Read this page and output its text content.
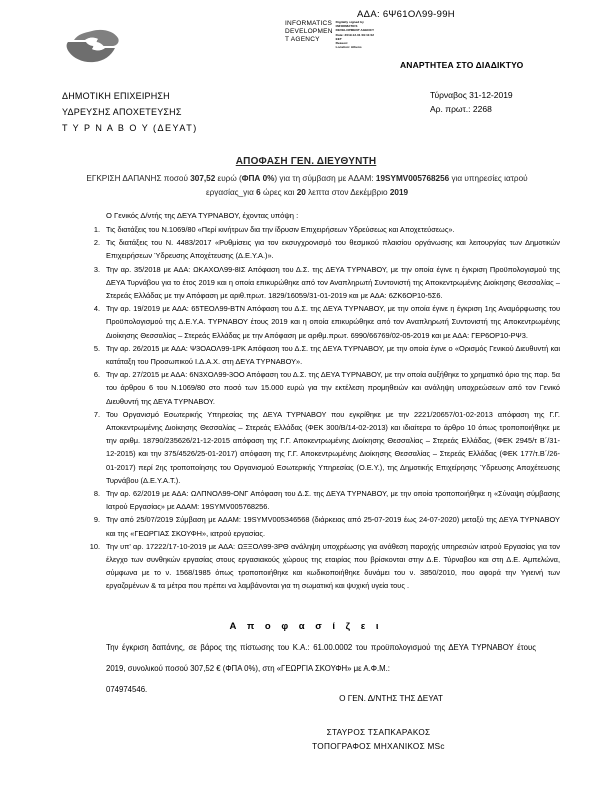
ΑΔΑ: 6Ψ61ΟΛ99-99Η
INFORMATICS
DEVELOPMEN
T AGENCY
Digitally signed by
INFORMATICS
DEVELOPMENT AGENCY
Date: 2019.12.31 09:11:02
EET
Reason:
Location: Athens
ΑΝΑΡΤΗΤΕΑ ΣΤΟ ΔΙΑΔΙΚΤΥΟ
ΔΗΜΟΤΙΚΗ ΕΠΙΧΕΙΡΗΣΗ
ΥΔΡΕΥΣΗΣ ΑΠΟΧΕΤΕΥΣΗΣ
Τ Υ Ρ Ν Α Β Ο Υ (ΔΕΥΑΤ)
Τύρναβος 31-12-2019
Αρ. πρωτ.: 2268
ΑΠΟΦΑΣΗ ΓΕΝ. ΔΙΕΥΘΥΝΤΗ
ΕΓΚΡΙΣΗ ΔΑΠΑΝΗΣ ποσού 307,52 ευρώ (ΦΠΑ 0%) για τη σύμβαση με ΑΔΑΜ: 19SYMV005768256 για υπηρεσίες ιατρού εργασίας_για 6 ώρες και 20 λεπτα στον Δεκέμβριο 2019
Ο Γενικός Δ/ντής της ΔΕΥΑ ΤΥΡΝΑΒΟΥ, έχοντας υπόψη :
1. Τις διατάξεις του Ν.1069/80 «Περί κινήτρων δια την ίδρυσιν Επιχειρήσεων Υδρεύσεως και Αποχετεύσεως».
2. Τις διατάξεις του Ν. 4483/2017 «Ρυθμίσεις για τον εκσυγχρονισμό του θεσμικού πλαισίου οργάνωσης και λειτουργίας των Δημοτικών Επιχειρήσεων Ύδρευσης Αποχέτευσης (Δ.Ε.Υ.Α.)».
3. Την αρ. 35/2018 με ΑΔΑ: ΩΚΑΧΟΛ99-8ΙΣ Απόφαση του Δ.Σ. της ΔΕΥΑ ΤΥΡΝΑΒΟΥ, με την οποία έγινε η έγκριση Προϋπολογισμού της ΔΕΥΑ Τυρνάβου για το έτος 2019 και η οποία επικυρώθηκε από τον Αναπληρωτή Συντονιστή της Αποκεντρωμένης Διοίκησης Θεσσαλίας – Στερεάς Ελλάδας με την Απόφαση με αριθ.πρωτ. 1829/16059/31-01-2019 και με ΑΔΑ: 6ΖΚ6ΟΡ10-5Σ6.
4. Την αρ. 19/2019 με ΑΔΑ: 65ΤΕΟΛ99-ΒΤΝ Απόφαση του Δ.Σ. της ΔΕΥΑ ΤΥΡΝΑΒΟΥ, με την οποία έγινε η έγκριση 1ης Αναμόρφωσης του Προϋπολογισμού της Δ.Ε.Υ.Α. ΤΥΡΝΑΒΟΥ έτους 2019 και η οποία επικυρώθηκε από τον Αναπληρωτή Συντονιστή της Αποκεντρωμένης Διοίκησης Θεσσαλίας – Στερεάς Ελλάδας με την Απόφαση με αριθμ.πρωτ. 6990/66769/02-05-2019 και με ΑΔΑ: ΓΕΡ6ΟΡ10-ΡΨ3.
5. Την αρ. 26/2015 με ΑΔΑ: Ψ3ΟΑΟΛ99-1ΡΚ Απόφαση του Δ.Σ. της ΔΕΥΑ ΤΥΡΝΑΒΟΥ, με την οποία έγινε ο «Ορισμός Γενικού Διευθυντή και κατάταξη του Προσωπικού Ι.Δ.Α.Χ. στη ΔΕΥΑ ΤΥΡΝΑΒΟΥ».
6. Την αρ. 27/2015 με ΑΔΑ: 6Ν3ΧΟΛ99-3ΟΟ Απόφαση του Δ.Σ. της ΔΕΥΑ ΤΥΡΝΑΒΟΥ, με την οποία αυξήθηκε το χρηματικό όριο της παρ. 5α του άρθρου 6 του Ν.1069/80 στο ποσό των 15.000 ευρώ για την εκτέλεση προμηθειών και ανάληψη υποχρεώσεων από τον Γενικό Διευθυντή της ΔΕΥΑ ΤΥΡΝΑΒΟΥ.
7. Του Οργανισμό Εσωτερικής Υπηρεσίας της ΔΕΥΑ ΤΥΡΝΑΒΟΥ που εγκρίθηκε με την 2221/20657/01-02-2013 απόφαση της Γ.Γ. Αποκεντρωμένης Διοίκησης Θεσσαλίας – Στερεάς Ελλάδας (ΦΕΚ 300/Β/14-02-2013) και ιδιαίτερα το άρθρο 10 όπως τροποποιήθηκε με την αριθμ. 18790/235626/21-12-2015 απόφαση της Γ.Γ. Αποκεντρωμένης Διοίκησης Θεσσαλίας – Στερεάς Ελλάδας, (ΦΕΚ 2945/τ Β΄/31-12-2015) και την 375/4526/25-01-2017) απόφαση της Γ.Γ. Αποκεντρωμένης Διοίκησης Θεσσαλίας – Στερεάς Ελλάδας (ΦΕΚ 177/τ.Β΄/26-01-2017) περί 2ης τροποποίησης του Οργανισμού Εσωτερικής Υπηρεσίας (Ο.Ε.Υ.), της Δημοτικής Επιχείρησης Ύδρευσης Αποχέτευσης Τυρνάβου (Δ.Ε.Υ.Α.Τ.).
8. Την αρ. 62/2019 με ΑΔΑ: ΩΛΠΝΟΛ99-ΟΝΓ Απόφαση του Δ.Σ. της ΔΕΥΑ ΤΥΡΝΑΒΟΥ, με την οποία τροποποιήθηκε η «Σύναψη σύμβασης Ιατρού Εργασίας» με ΑΔΑΜ: 19SYMV005768256.
9. Την από 25/07/2019 Σύμβαση με ΑΔΑΜ: 19SYMV005346568 (διάρκειας από 25-07-2019 έως 24-07-2020) μεταξύ της ΔΕΥΑ ΤΥΡΝΑΒΟΥ και της «ΓΕΩΡΓΙΑΣ ΣΚΟΥΦΗ», ιατρού εργασίας.
10. Την υπ’ αρ. 17222/17-10-2019 με ΑΔΑ: ΩΞΞΟΛ99-3ΡΘ ανάληψη υποχρέωσης για ανάθεση παροχής υπηρεσιών ιατρού Εργασίας για τον έλεγχο των συνθηκών εργασίας στους εργασιακούς χώρους της εταιρίας που βρίσκονται στην Δ.Ε. Τύρναβου και στη Δ.Ε. Αμπελώνα, σύμφωνα με το ν. 1568/1985 όπως τροποποιήθηκε και κωδικοποιήθηκε δυνάμει του ν. 3850/2010, που αφορά την Υγιεινή των εργαζομένων & τα μέτρα που πρέπει να λαμβάνονται για τη σωματική και ψυχική υγεία τους .
Α π ο φ α σ ί ζ ε ι
Την έγκριση δαπάνης, σε βάρος της πίστωσης του Κ.Α.: 61.00.0002 του προϋπολογισμού της ΔΕΥΑ ΤΥΡΝΑΒΟΥ έτους 2019, συνολικού ποσού 307,52 € (ΦΠΑ 0%), στη «ΓΕΩΡΓΙΑ ΣΚΟΥΦΗ» με Α.Φ.Μ.:
074974546.
Ο ΓΕΝ. Δ/ΝΤΗΣ ΤΗΣ ΔΕΥΑΤ
ΣΤΑΥΡΟΣ ΤΣΑΠΚΑΡΑΚΟΣ
ΤΟΠΟΓΡΑΦΟΣ ΜΗΧΑΝΙΚΟΣ MSc
